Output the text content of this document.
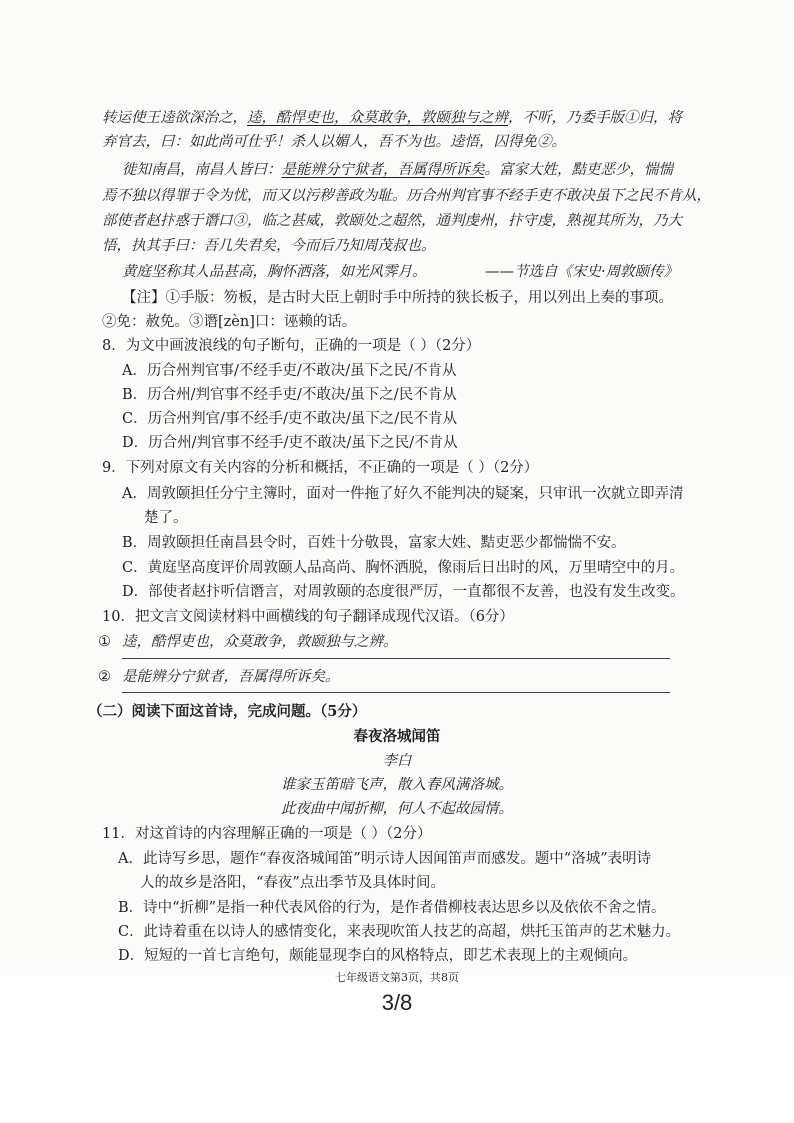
转运使王逵欲深治之，逵，酷悍吏也，众莫敢争，敦颐独与之辨，不听，乃委手版①归，将
弃官去，曰：如此尚可仕乎！杀人以媚人，吾不为也。逵悟，囚得免②。
徙知南昌，南昌人皆曰：是能辨分宁狱者，吾属得所诉矣。富家大姓，黠吏恶少，惴惴
焉不独以得罪于令为忧，而又以污秽善政为耻。历合州判官事不经手吏不敢决虽下之民不肯从，
部使者赵抃惑于谮口③，临之甚威，敦颐处之超然，通判虔州，抃守虔，熟视其所为，乃大
悟，执其手曰：吾几失君矣，今而后乃知周茂叔也。
黄庭坚称其人品甚高，胸怀洒落，如光风霁月。	——节选自《宋史·周敦颐传》
【注】①手版：笏板，是古时大臣上朝时手中所持的狭长板子，用以列出上奏的事项。
②免：赦免。③谮[zèn]口：诬赖的话。
8．为文中画波浪线的句子断句，正确的一项是（ ）（2分）
A．历合州判官事/不经手吏/不敢决/虽下之民/不肯从
B．历合州/判官事不经手吏/不敢决/虽下之/民不肯从
C．历合州判官/事不经手/吏不敢决/虽下之/民不肯从
D．历合州/判官事不经手/吏不敢决/虽下之民/不肯从
9．下列对原文有关内容的分析和概括，不正确的一项是（ ）（2分）
A．周敦颐担任分宁主簿时，面对一件拖了好久不能判决的疑案，只审讯一次就立即弄清
楚了。
B．周敦颐担任南昌县令时，百姓十分敬畏，富家大姓、黠吏恶少都惴惴不安。
C．黄庭坚高度评价周敦颐人品高尚、胸怀洒脱，像雨后日出时的风，万里晴空中的月。
D．部使者赵抃听信谮言，对周敦颐的态度很严厉，一直都很不友善，也没有发生改变。
10．把文言文阅读材料中画横线的句子翻译成现代汉语。（6分）
① 逵，酷悍吏也，众莫敢争，敦颐独与之辨。
② 是能辨分宁狱者，吾属得所诉矣。
（二）阅读下面这首诗，完成问题。（5分）
春夜洛城闻笛
李白
谁家玉笛暗飞声，散入春风满洛城。
此夜曲中闻折柳，何人不起故园情。
11．对这首诗的内容理解正确的一项是（ ）（2分）
A．此诗写乡思，题作“春夜洛城闻笛”明示诗人因闻笛声而感发。题中“洛城”表明诗
人的故乡是洛阳，“春夜”点出季节及具体时间。
B．诗中“折柳”是指一种代表风俗的行为，是作者借柳枝表达思乡以及依依不舍之情。
C．此诗着重在以诗人的感情变化，来表现吹笛人技艺的高超，烘托玉笛声的艺术魅力。
D．短短的一首七言绝句，颇能显现李白的风格特点，即艺术表现上的主观倾向。
七年级语文第3页，共8页
3/8
